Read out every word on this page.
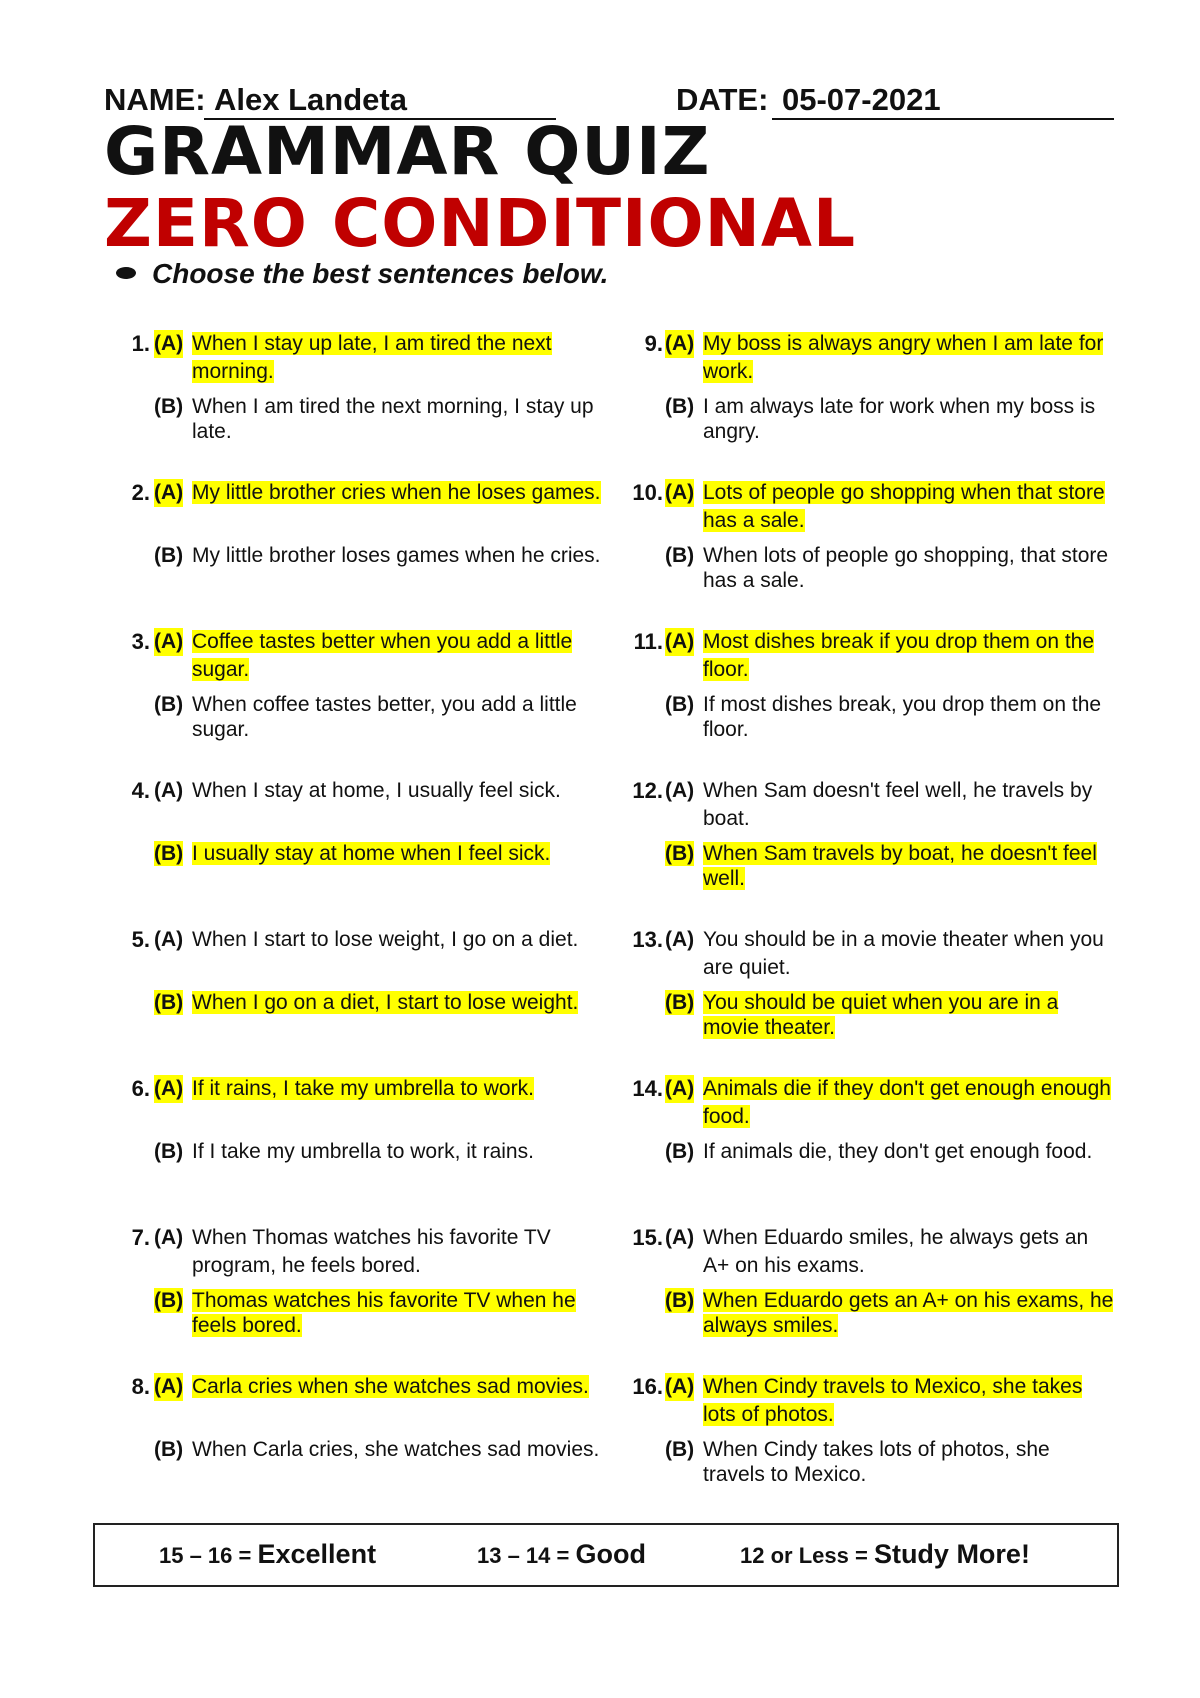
NAME: Alex Landeta	DATE: 05-07-2021
GRAMMAR QUIZ
ZERO CONDITIONAL
Choose the best sentences below.
1. (A) When I stay up late, I am tired the next morning.
(B) When I am tired the next morning, I stay up late.
2. (A) My little brother cries when he loses games.
(B) My little brother loses games when he cries.
3. (A) Coffee tastes better when you add a little sugar.
(B) When coffee tastes better, you add a little sugar.
4. (A) When I stay at home, I usually feel sick.
(B) I usually stay at home when I feel sick.
5. (A) When I start to lose weight, I go on a diet.
(B) When I go on a diet, I start to lose weight.
6. (A) If it rains, I take my umbrella to work.
(B) If I take my umbrella to work, it rains.
7. (A) When Thomas watches his favorite TV program, he feels bored.
(B) Thomas watches his favorite TV when he feels bored.
8. (A) Carla cries when she watches sad movies.
(B) When Carla cries, she watches sad movies.
9. (A) My boss is always angry when I am late for work.
(B) I am always late for work when my boss is angry.
10. (A) Lots of people go shopping when that store has a sale.
(B) When lots of people go shopping, that store has a sale.
11. (A) Most dishes break if you drop them on the floor.
(B) If most dishes break, you drop them on the floor.
12. (A) When Sam doesn't feel well, he travels by boat.
(B) When Sam travels by boat, he doesn't feel well.
13. (A) You should be in a movie theater when you are quiet.
(B) You should be quiet when you are in a movie theater.
14. (A) Animals die if they don't get enough enough food.
(B) If animals die, they don't get enough food.
15. (A) When Eduardo smiles, he always gets an A+ on his exams.
(B) When Eduardo gets an A+ on his exams, he always smiles.
16. (A) When Cindy travels to Mexico, she takes lots of photos.
(B) When Cindy takes lots of photos, she travels to Mexico.
15 – 16 = Excellent	13 – 14 = Good	12 or Less = Study More!
